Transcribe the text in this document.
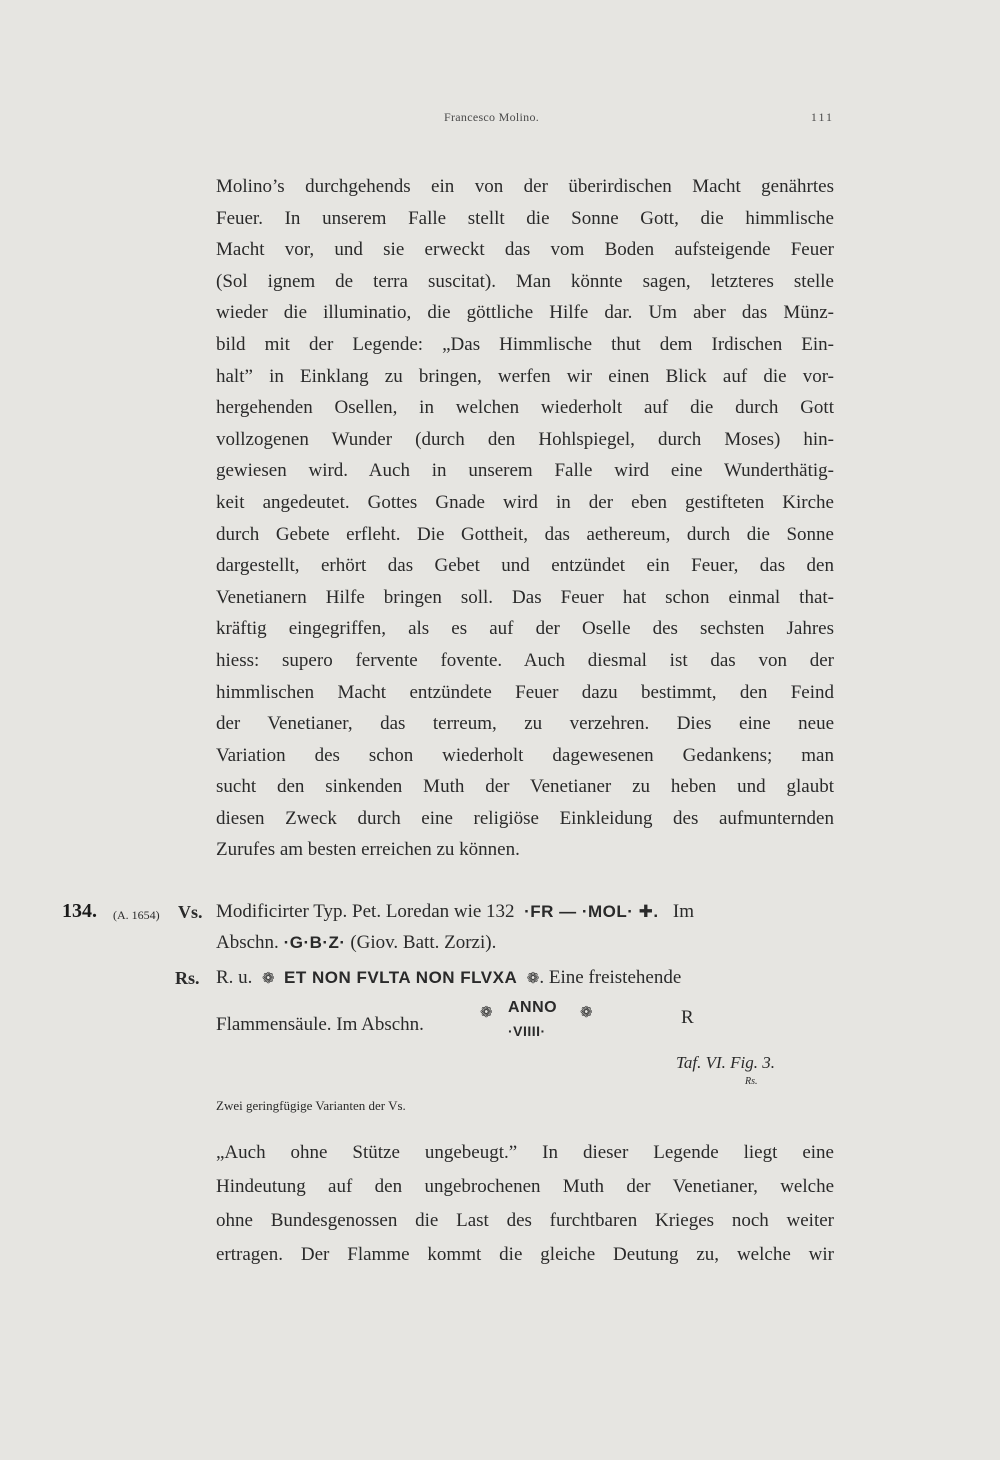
Francesco Molino.	111
Molino’s durchgehends ein von der überirdischen Macht genährtes
Feuer. In unserem Falle stellt die Sonne Gott, die himmlische
Macht vor, und sie erweckt das vom Boden aufsteigende Feuer
(Sol ignem de terra suscitat). Man könnte sagen, letzteres stelle
wieder die illuminatio, die göttliche Hilfe dar. Um aber das Münz-
bild mit der Legende: „Das Himmlische thut dem Irdischen Ein-
halt” in Einklang zu bringen, werfen wir einen Blick auf die vor-
hergehenden Osellen, in welchen wiederholt auf die durch Gott
vollzogenen Wunder (durch den Hohlspiegel, durch Moses) hin-
gewiesen wird. Auch in unserem Falle wird eine Wunderthätig-
keit angedeutet. Gottes Gnade wird in der eben gestifteten Kirche
durch Gebete erfleht. Die Gottheit, das aethereum, durch die Sonne
dargestellt, erhört das Gebet und entzündet ein Feuer, das den
Venetianern Hilfe bringen soll. Das Feuer hat schon einmal that-
kräftig eingegriffen, als es auf der Oselle des sechsten Jahres
hiess: supero fervente fovente. Auch diesmal ist das von der
himmlischen Macht entzündete Feuer dazu bestimmt, den Feind
der Venetianer, das terreum, zu verzehren. Dies eine neue
Variation des schon wiederholt dagewesenen Gedankens; man
sucht den sinkenden Muth der Venetianer zu heben und glaubt
diesen Zweck durch eine religiöse Einkleidung des aufmunternden
Zurufes am besten erreichen zu können.
134. (A. 1654) Vs. Modificirter Typ. Pet. Loredan wie 132 ·FR — ·MOL· ✚. Im
Abschn. ·G·B·Z· (Giov. Batt. Zorzi).
Rs. R. u. ❁ ET NON FVLTA NON FLVXA ❁. Eine freistehende
Flammensäule. Im Abschn.
❁ ANNO ❁
·VIIII·
R
Taf. VI. Fig. 3.
Rs.
Zwei geringfügige Varianten der Vs.
„Auch ohne Stütze ungebeugt.” In dieser Legende liegt eine
Hindeutung auf den ungebrochenen Muth der Venetianer, welche
ohne Bundesgenossen die Last des furchtbaren Krieges noch weiter
ertragen. Der Flamme kommt die gleiche Deutung zu, welche wir
